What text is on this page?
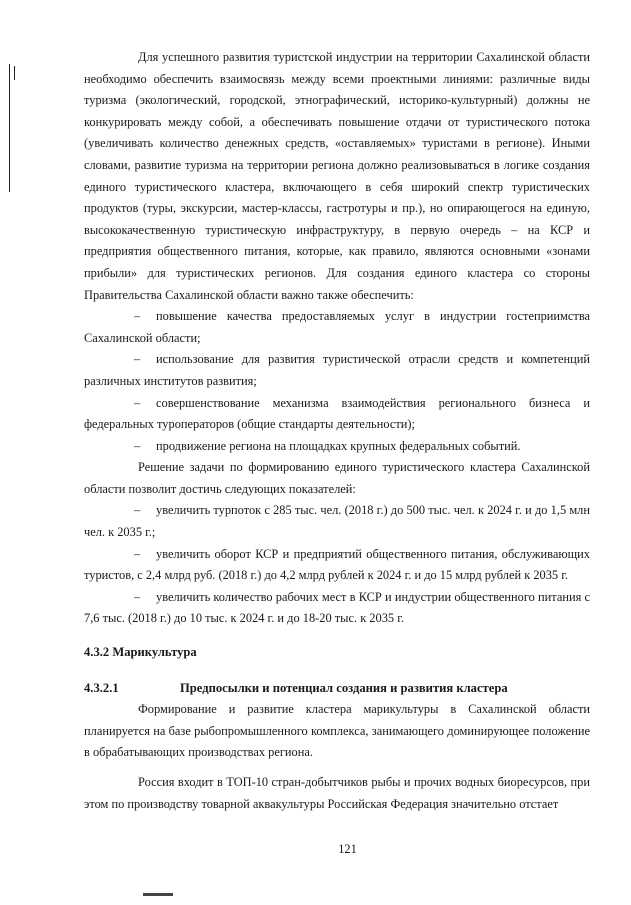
Для успешного развития туристской индустрии на территории Сахалинской области необходимо обеспечить взаимосвязь между всеми проектными линиями: различные виды туризма (экологический, городской, этнографический, историко-культурный) должны не конкурировать между собой, а обеспечивать повышение отдачи от туристического потока (увеличивать количество денежных средств, «оставляемых» туристами в регионе). Иными словами, развитие туризма на территории региона должно реализовываться в логике создания единого туристического кластера, включающего в себя широкий спектр туристических продуктов (туры, экскурсии, мастер-классы, гастротуры и пр.), но опирающегося на единую, высококачественную туристическую инфраструктуру, в первую очередь – на КСР и предприятия общественного питания, которые, как правило, являются основными «зонами прибыли» для туристических регионов. Для создания единого кластера со стороны Правительства Сахалинской области важно также обеспечить:

– повышение качества предоставляемых услуг в индустрии гостеприимства Сахалинской области;

– использование для развития туристической отрасли средств и компетенций различных институтов развития;

– совершенствование механизма взаимодействия регионального бизнеса и федеральных туроператоров (общие стандарты деятельности);

– продвижение региона на площадках крупных федеральных событий.

Решение задачи по формированию единого туристического кластера Сахалинской области позволит достичь следующих показателей:

– увеличить турпоток с 285 тыс. чел. (2018 г.) до 500 тыс. чел. к 2024 г. и до 1,5 млн чел. к 2035 г.;

– увеличить оборот КСР и предприятий общественного питания, обслуживающих туристов, с 2,4 млрд руб. (2018 г.) до 4,2 млрд рублей к 2024 г. и до 15 млрд рублей к 2035 г.

– увеличить количество рабочих мест в КСР и индустрии общественного питания с 7,6 тыс. (2018 г.) до 10 тыс. к 2024 г. и до 18-20 тыс. к 2035 г.

4.3.2 Марикультура

4.3.2.1	Предпосылки и потенциал создания и развития кластера

Формирование и развитие кластера марикультуры в Сахалинской области планируется на базе рыбопромышленного комплекса, занимающего доминирующее положение в обрабатывающих производствах региона.

Россия входит в ТОП-10 стран-добытчиков рыбы и прочих водных биоресурсов, при этом по производству товарной аквакультуры Российская Федерация значительно отстает

121
